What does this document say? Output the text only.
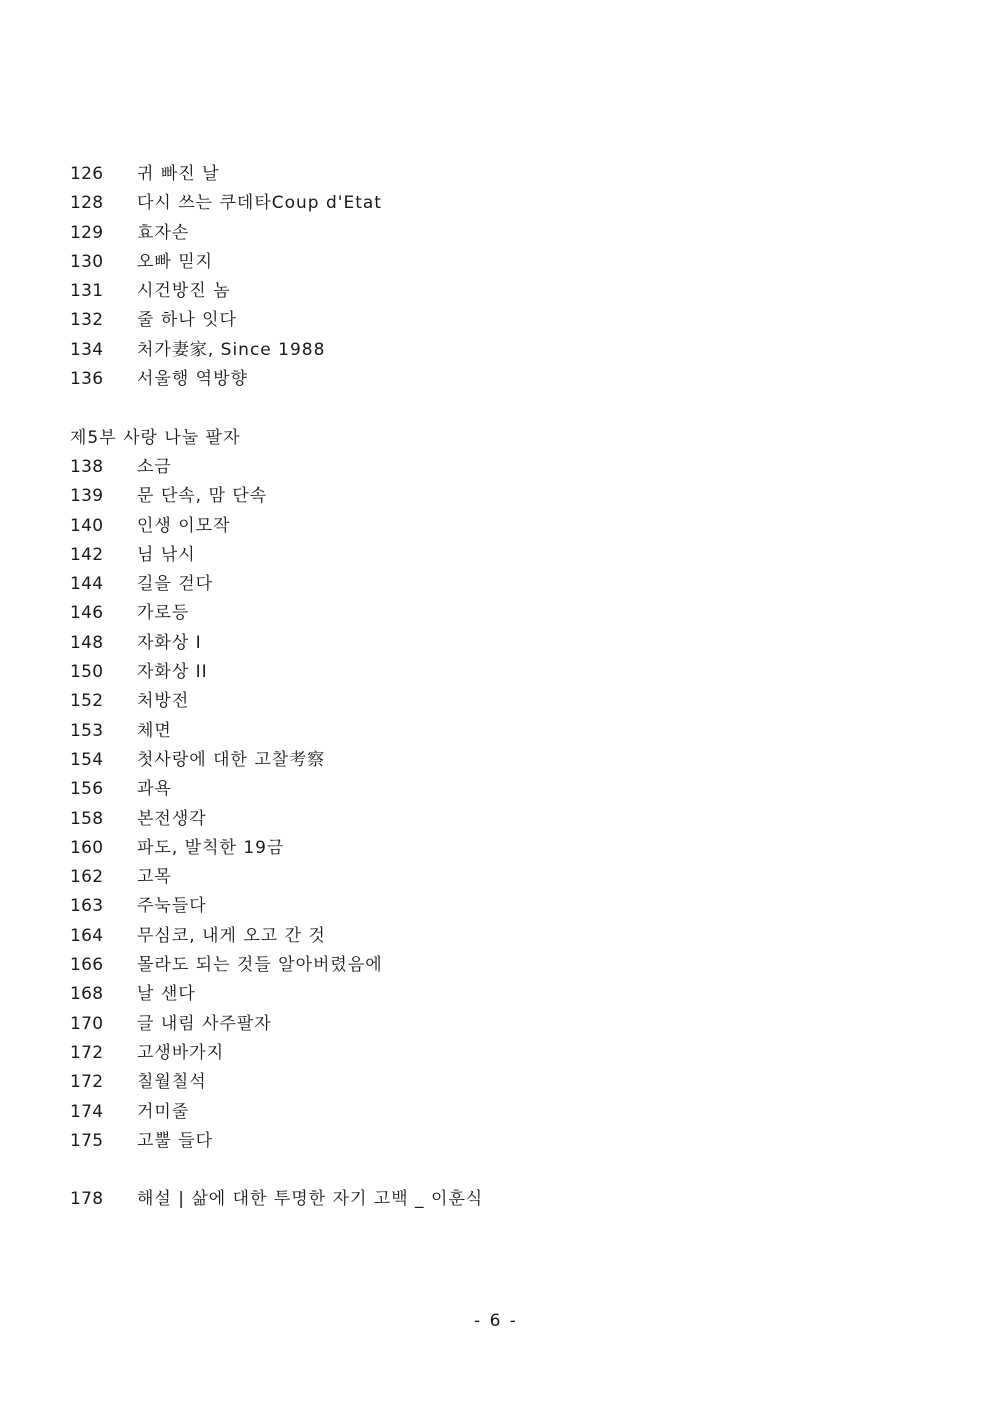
126	귀 빠진 날
128	다시 쓰는 쿠데타Coup d'Etat
129	효자손
130	오빠 믿지
131	시건방진 놈
132	줄 하나 잇다
134	처가妻家, Since 1988
136	서울행 역방향
제5부 사랑 나눌 팔자
138	소금
139	문 단속, 맘 단속
140	인생 이모작
142	님 낚시
144	길을 걷다
146	가로등
148	자화상 I
150	자화상 II
152	처방전
153	체면
154	첫사랑에 대한 고찰考察
156	과욕
158	본전생각
160	파도, 발칙한 19금
162	고목
163	주눅들다
164	무심코, 내게 오고 간 것
166	몰라도 되는 것들 알아버렸음에
168	날 샌다
170	글 내림 사주팔자
172	고생바가지
172	칠월칠석
174	거미줄
175	고뿔 들다
178	해설 | 삶에 대한 투명한 자기 고백 _ 이훈식
- 6 -
